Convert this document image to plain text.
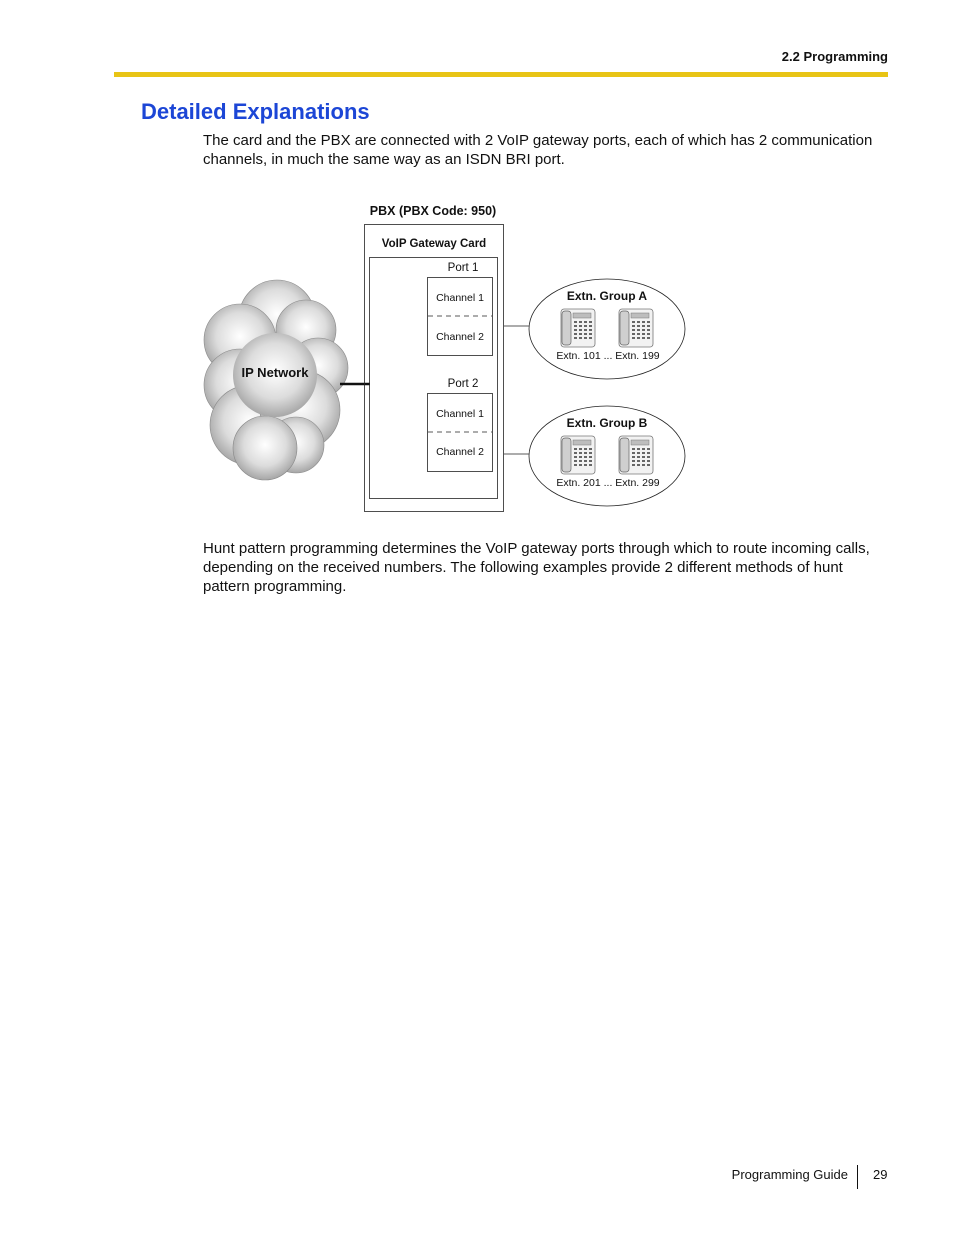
2.2 Programming
Detailed Explanations

The card and the PBX are connected with 2 VoIP gateway ports, each of which has 2 communication channels, in much the same way as an ISDN BRI port.

IP Network
PBX (PBX Code: 950)
VoIP Gateway Card
Port 1
Channel 1
Channel 2
Port 2
Channel 1
Channel 2
Extn. Group A
Extn. 101 ... Extn. 199
Extn. Group B
Extn. 201 ... Extn. 299

Hunt pattern programming determines the VoIP gateway ports through which to route incoming calls, depending on the received numbers. The following examples provide 2 different methods of hunt pattern programming.

Programming Guide 29
